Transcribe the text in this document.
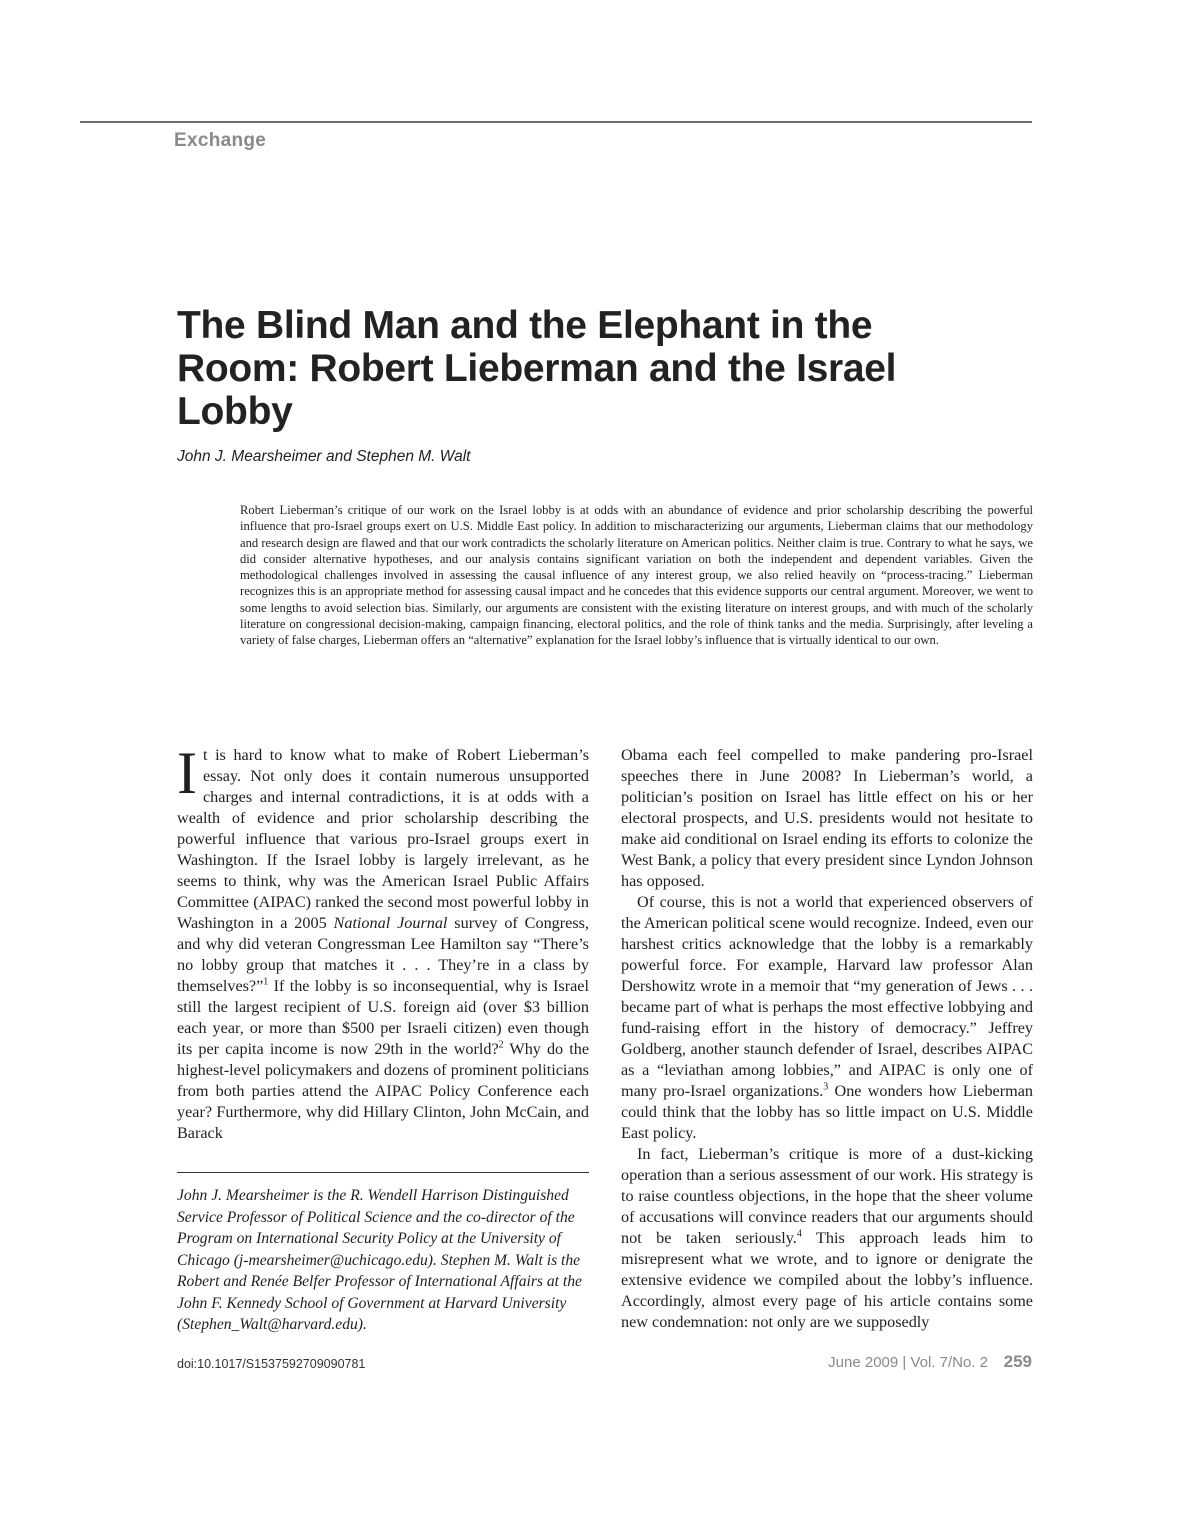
Exchange
The Blind Man and the Elephant in the Room: Robert Lieberman and the Israel Lobby
John J. Mearsheimer and Stephen M. Walt

Robert Lieberman’s critique of our work on the Israel lobby is at odds with an abundance of evidence and prior scholarship describing the powerful influence that pro-Israel groups exert on U.S. Middle East policy. In addition to mischaracterizing our arguments, Lieberman claims that our methodology and research design are flawed and that our work contradicts the scholarly literature on American politics. Neither claim is true. Contrary to what he says, we did consider alternative hypotheses, and our analysis contains significant variation on both the independent and dependent variables. Given the methodological challenges involved in assessing the causal influence of any interest group, we also relied heavily on “process-tracing.” Lieberman recognizes this is an appropriate method for assessing causal impact and he concedes that this evidence supports our central argument. Moreover, we went to some lengths to avoid selection bias. Similarly, our arguments are consistent with the existing literature on interest groups, and with much of the scholarly literature on congressional decision-making, campaign financing, electoral politics, and the role of think tanks and the media. Surprisingly, after leveling a variety of false charges, Lieberman offers an “alternative” explanation for the Israel lobby’s influence that is virtually identical to our own.

It is hard to know what to make of Robert Lieberman’s essay. Not only does it contain numerous unsupported charges and internal contradictions, it is at odds with a wealth of evidence and prior scholarship describing the powerful influence that various pro-Israel groups exert in Washington. If the Israel lobby is largely irrelevant, as he seems to think, why was the American Israel Public Affairs Committee (AIPAC) ranked the second most powerful lobby in Washington in a 2005 National Journal survey of Congress, and why did veteran Congressman Lee Hamilton say “There’s no lobby group that matches it . . . They’re in a class by themselves?”$^1$ If the lobby is so inconsequential, why is Israel still the largest recipient of U.S. foreign aid (over $3 billion each year, or more than $500 per Israeli citizen) even though its per capita income is now 29th in the world?$^2$ Why do the highest-level policymakers and dozens of prominent politicians from both parties attend the AIPAC Policy Conference each year? Furthermore, why did Hillary Clinton, John McCain, and Barack

John J. Mearsheimer is the R. Wendell Harrison Distinguished Service Professor of Political Science and the co-director of the Program on International Security Policy at the University of Chicago (j-mearsheimer@uchicago.edu). Stephen M. Walt is the Robert and Renée Belfer Professor of International Affairs at the John F. Kennedy School of Government at Harvard University (Stephen_Walt@harvard.edu).

Obama each feel compelled to make pandering pro-Israel speeches there in June 2008? In Lieberman’s world, a politician’s position on Israel has little effect on his or her electoral prospects, and U.S. presidents would not hesitate to make aid conditional on Israel ending its efforts to colonize the West Bank, a policy that every president since Lyndon Johnson has opposed.

Of course, this is not a world that experienced observers of the American political scene would recognize. Indeed, even our harshest critics acknowledge that the lobby is a remarkably powerful force. For example, Harvard law professor Alan Dershowitz wrote in a memoir that “my generation of Jews . . . became part of what is perhaps the most effective lobbying and fund-raising effort in the history of democracy.” Jeffrey Goldberg, another staunch defender of Israel, describes AIPAC as a “leviathan among lobbies,” and AIPAC is only one of many pro-Israel organizations.$^3$ One wonders how Lieberman could think that the lobby has so little impact on U.S. Middle East policy.

In fact, Lieberman’s critique is more of a dust-kicking operation than a serious assessment of our work. His strategy is to raise countless objections, in the hope that the sheer volume of accusations will convince readers that our arguments should not be taken seriously.$^4$ This approach leads him to misrepresent what we wrote, and to ignore or denigrate the extensive evidence we compiled about the lobby’s influence. Accordingly, almost every page of his article contains some new condemnation: not only are we supposedly

doi:10.1017/S1537592709090781	June 2009 | Vol. 7/No. 2 259
